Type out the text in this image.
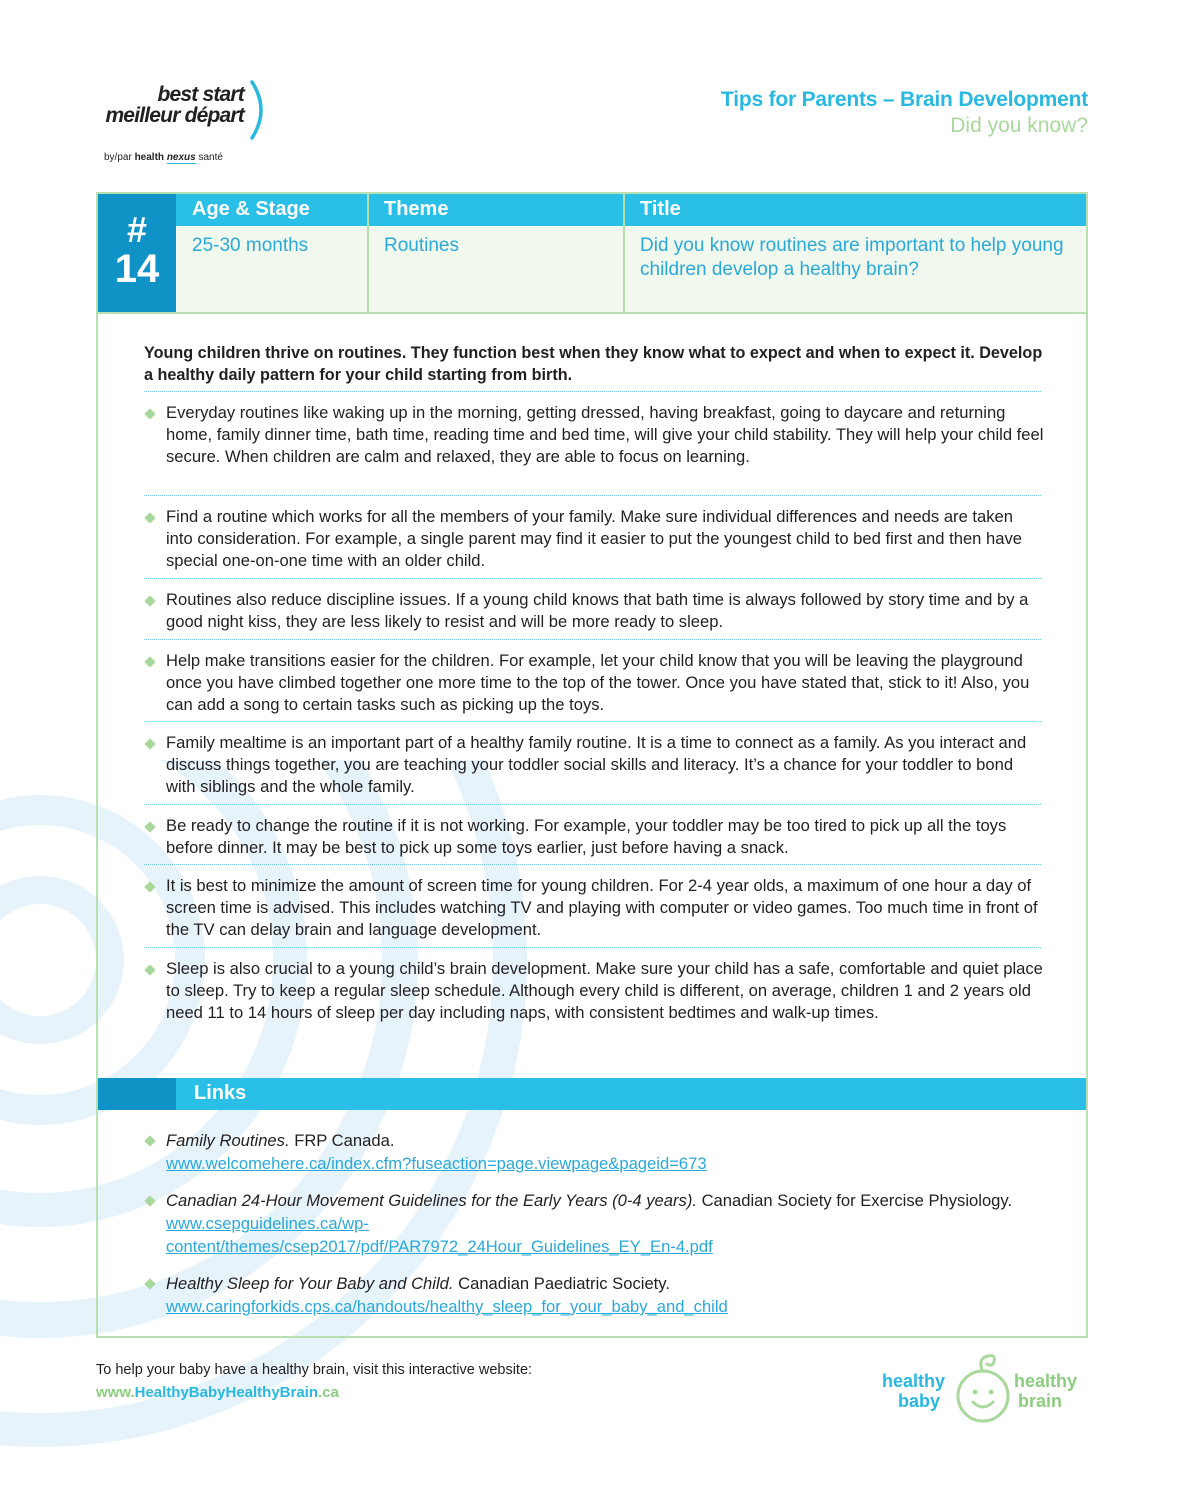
best start
meilleur départ
by/par health nexus santé
Tips for Parents – Brain Development
Did you know?
#
14
Age & Stage	Theme	Title
25-30 months	Routines	Did you know routines are important to help young children develop a healthy brain?
Young children thrive on routines. They function best when they know what to expect and when to expect it. Develop a healthy daily pattern for your child starting from birth.
Everyday routines like waking up in the morning, getting dressed, having breakfast, going to daycare and returning home, family dinner time, bath time, reading time and bed time, will give your child stability. They will help your child feel secure. When children are calm and relaxed, they are able to focus on learning.
Find a routine which works for all the members of your family. Make sure individual differences and needs are taken into consideration. For example, a single parent may find it easier to put the youngest child to bed first and then have special one-on-one time with an older child.
Routines also reduce discipline issues. If a young child knows that bath time is always followed by story time and by a good night kiss, they are less likely to resist and will be more ready to sleep.
Help make transitions easier for the children. For example, let your child know that you will be leaving the playground once you have climbed together one more time to the top of the tower. Once you have stated that, stick to it! Also, you can add a song to certain tasks such as picking up the toys.
Family mealtime is an important part of a healthy family routine. It is a time to connect as a family. As you interact and discuss things together, you are teaching your toddler social skills and literacy. It’s a chance for your toddler to bond with siblings and the whole family.
Be ready to change the routine if it is not working. For example, your toddler may be too tired to pick up all the toys before dinner. It may be best to pick up some toys earlier, just before having a snack.
It is best to minimize the amount of screen time for young children. For 2-4 year olds, a maximum of one hour a day of screen time is advised. This includes watching TV and playing with computer or video games. Too much time in front of the TV can delay brain and language development.
Sleep is also crucial to a young child’s brain development. Make sure your child has a safe, comfortable and quiet place to sleep. Try to keep a regular sleep schedule. Although every child is different, on average, children 1 and 2 years old need 11 to 14 hours of sleep per day including naps, with consistent bedtimes and walk-up times.
Links
Family Routines. FRP Canada.
www.welcomehere.ca/index.cfm?fuseaction=page.viewpage&pageid=673
Canadian 24-Hour Movement Guidelines for the Early Years (0-4 years). Canadian Society for Exercise Physiology. www.csepguidelines.ca/wp-
content/themes/csep2017/pdf/PAR7972_24Hour_Guidelines_EY_En-4.pdf
Healthy Sleep for Your Baby and Child. Canadian Paediatric Society.
www.caringforkids.cps.ca/handouts/healthy_sleep_for_your_baby_and_child
To help your baby have a healthy brain, visit this interactive website:
www.HealthyBabyHealthyBrain.ca
healthy
baby
healthy
brain
